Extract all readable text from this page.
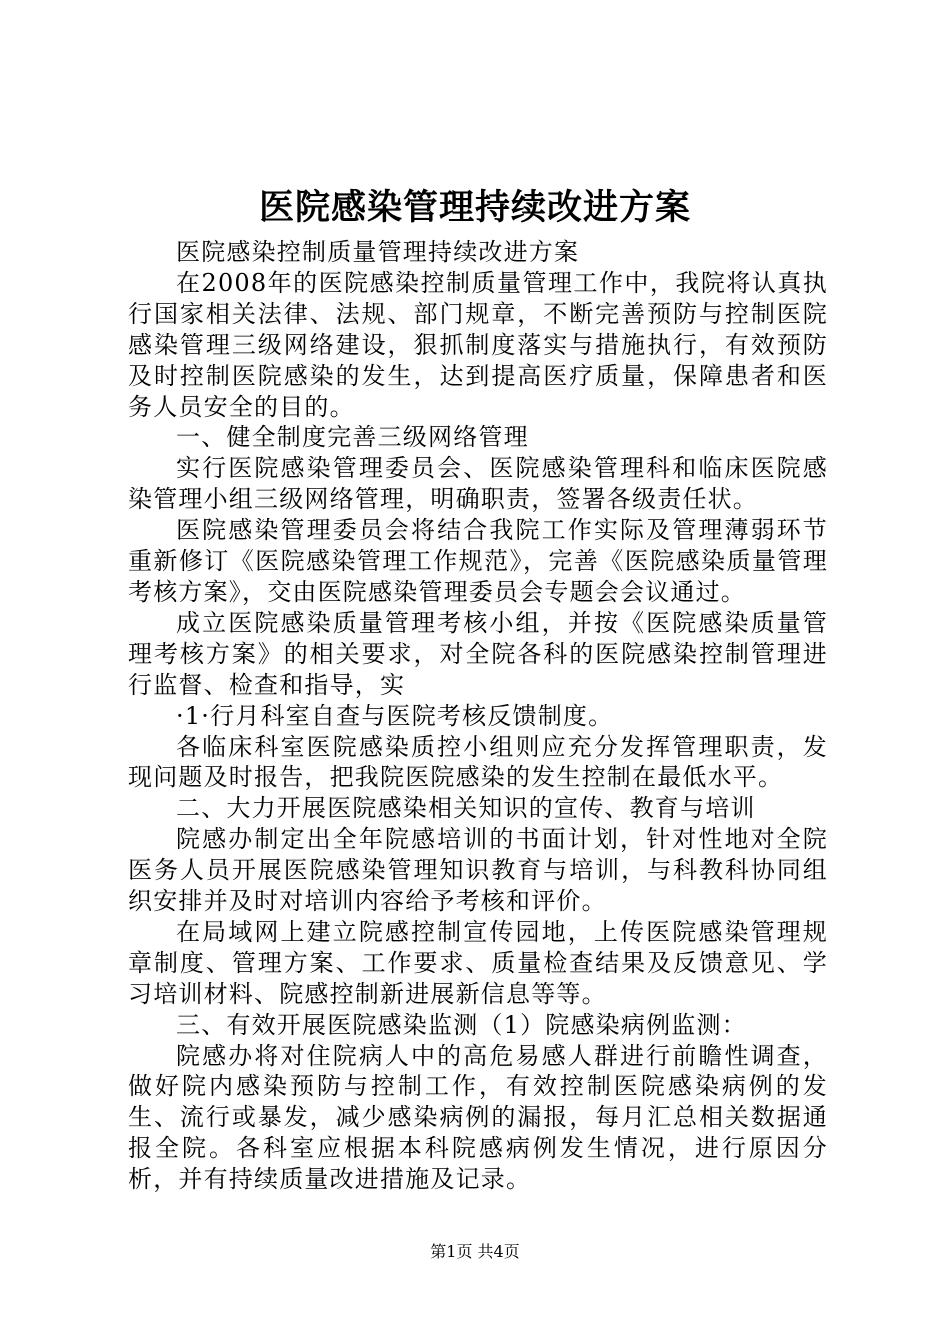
医院感染管理持续改进方案

医院感染控制质量管理持续改进方案

在2008年的医院感染控制质量管理工作中，我院将认真执行国家相关法律、法规、部门规章，不断完善预防与控制医院感染管理三级网络建设，狠抓制度落实与措施执行，有效预防及时控制医院感染的发生，达到提高医疗质量，保障患者和医务人员安全的目的。

一、健全制度完善三级网络管理

实行医院感染管理委员会、医院感染管理科和临床医院感染管理小组三级网络管理，明确职责，签署各级责任状。

医院感染管理委员会将结合我院工作实际及管理薄弱环节重新修订《医院感染管理工作规范》，完善《医院感染质量管理考核方案》，交由医院感染管理委员会专题会会议通过。

成立医院感染质量管理考核小组，并按《医院感染质量管理考核方案》的相关要求，对全院各科的医院感染控制管理进行监督、检查和指导，实

·1·行月科室自查与医院考核反馈制度。

各临床科室医院感染质控小组则应充分发挥管理职责，发现问题及时报告，把我院医院感染的发生控制在最低水平。

二、大力开展医院感染相关知识的宣传、教育与培训

院感办制定出全年院感培训的书面计划，针对性地对全院医务人员开展医院感染管理知识教育与培训，与科教科协同组织安排并及时对培训内容给予考核和评价。

在局域网上建立院感控制宣传园地，上传医院感染管理规章制度、管理方案、工作要求、质量检查结果及反馈意见、学习培训材料、院感控制新进展新信息等等。

三、有效开展医院感染监测（1）院感染病例监测：

院感办将对住院病人中的高危易感人群进行前瞻性调查，做好院内感染预防与控制工作，有效控制医院感染病例的发生、流行或暴发，减少感染病例的漏报，每月汇总相关数据通报全院。各科室应根据本科院感病例发生情况，进行原因分析，并有持续质量改进措施及记录。

第1页 共4页
